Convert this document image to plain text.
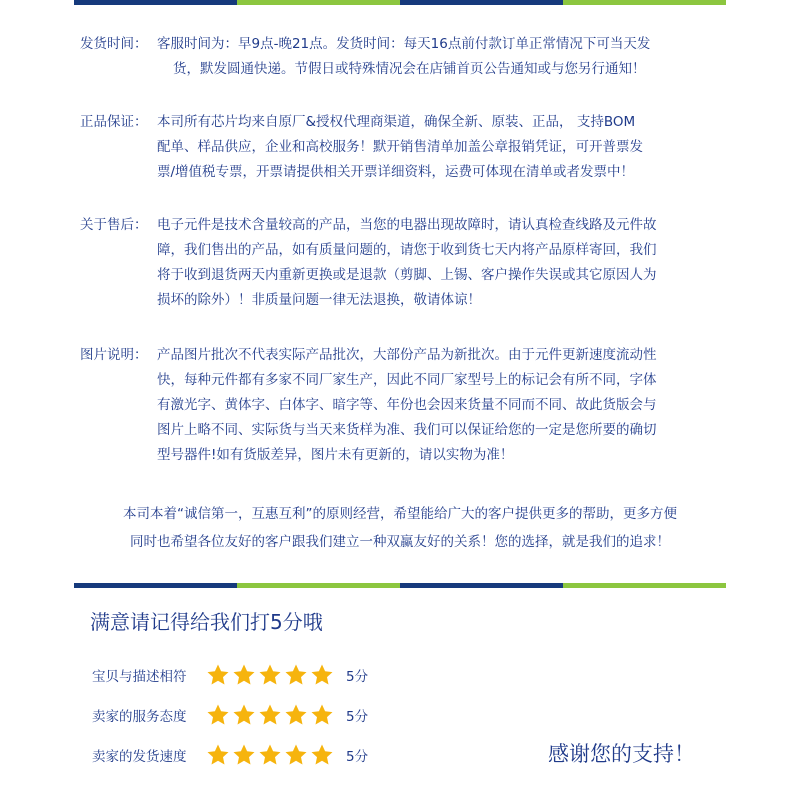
发货时间： 客服时间为：早9点-晚21点。发货时间：每天16点前付款订单正常情况下可当天发
货，默发圆通快递。节假日或特殊情况会在店铺首页公告通知或与您另行通知！
正品保证： 本司所有芯片均来自原厂&授权代理商渠道，确保全新、原装、正品， 支持BOM
配单、样品供应，企业和高校服务！默开销售清单加盖公章报销凭证，可开普票发
票/增值税专票，开票请提供相关开票详细资料，运费可体现在清单或者发票中！
关于售后： 电子元件是技术含量较高的产品，当您的电器出现故障时，请认真检查线路及元件故
障，我们售出的产品，如有质量问题的，请您于收到货七天内将产品原样寄回，我们
将于收到退货两天内重新更换或是退款（剪脚、上锡、客户操作失误或其它原因人为
损坏的除外）！非质量问题一律无法退换，敬请体谅！
图片说明： 产品图片批次不代表实际产品批次，大部份产品为新批次。由于元件更新速度流动性
快，每种元件都有多家不同厂家生产，因此不同厂家型号上的标记会有所不同，字体
有激光字、黄体字、白体字、暗字等、年份也会因来货量不同而不同、故此货版会与
图片上略不同、实际货与当天来货样为准、我们可以保证给您的一定是您所要的确切
型号器件!如有货版差异，图片未有更新的，请以实物为准！
本司本着“诚信第一，互惠互利”的原则经营，希望能给广大的客户提供更多的帮助，更多方便
同时也希望各位友好的客户跟我们建立一种双赢友好的关系！您的选择，就是我们的追求！
满意请记得给我们打5分哦
宝贝与描述相符	5分
卖家的服务态度	5分
卖家的发货速度	5分	感谢您的支持！
